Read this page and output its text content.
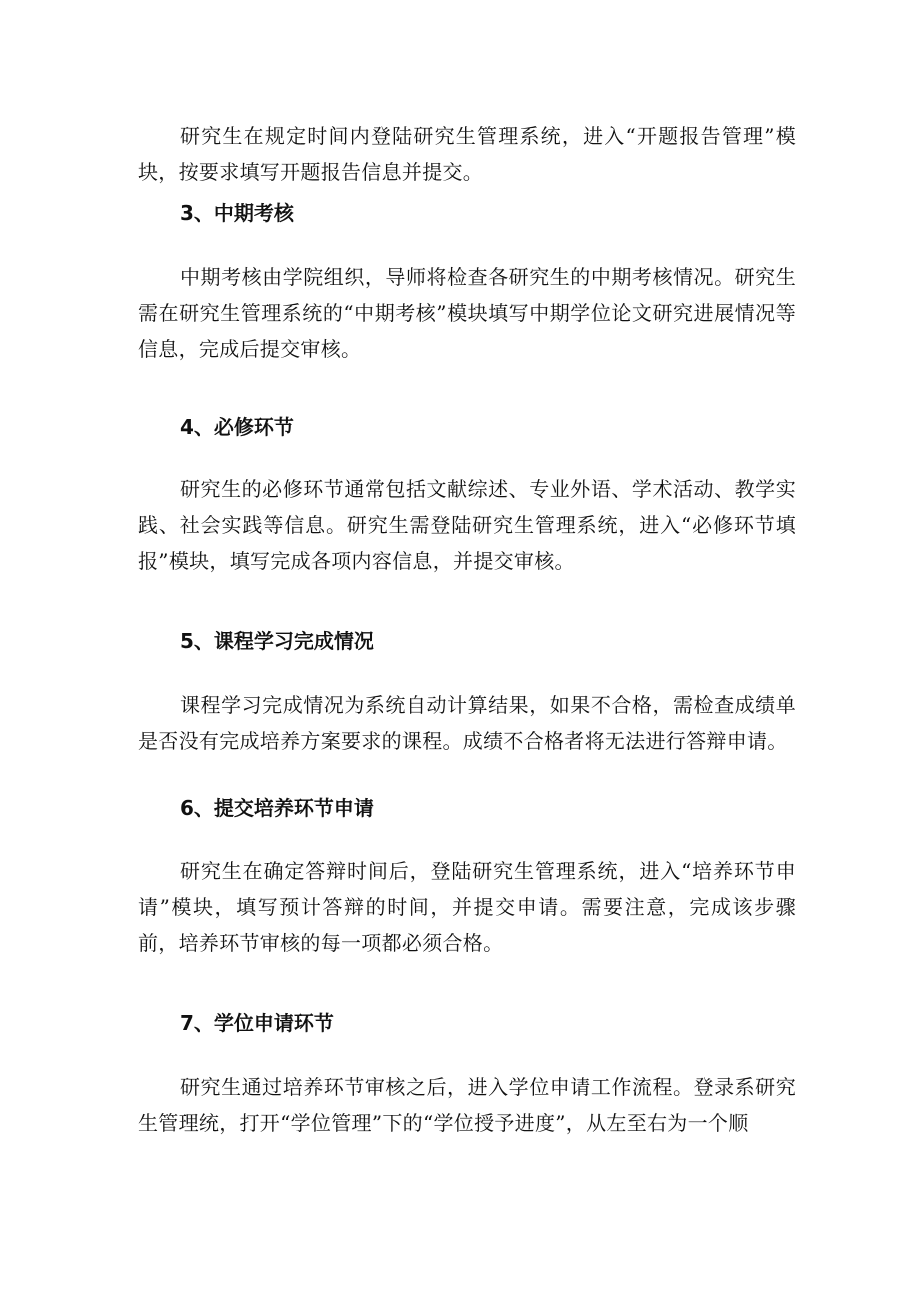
研究生在规定时间内登陆研究生管理系统，进入“开题报告管理”模块，按要求填写开题报告信息并提交。

3、中期考核

中期考核由学院组织，导师将检查各研究生的中期考核情况。研究生需在研究生管理系统的“中期考核”模块填写中期学位论文研究进展情况等信息，完成后提交审核。

4、必修环节

研究生的必修环节通常包括文献综述、专业外语、学术活动、教学实践、社会实践等信息。研究生需登陆研究生管理系统，进入“必修环节填报”模块，填写完成各项内容信息，并提交审核。

5、课程学习完成情况

课程学习完成情况为系统自动计算结果，如果不合格，需检查成绩单是否没有完成培养方案要求的课程。成绩不合格者将无法进行答辩申请。

6、提交培养环节申请

研究生在确定答辩时间后，登陆研究生管理系统，进入“培养环节申请”模块，填写预计答辩的时间，并提交申请。需要注意，完成该步骤前，培养环节审核的每一项都必须合格。

7、学位申请环节

研究生通过培养环节审核之后，进入学位申请工作流程。登录系研究生管理统，打开“学位管理”下的“学位授予进度”，从左至右为一个顺
